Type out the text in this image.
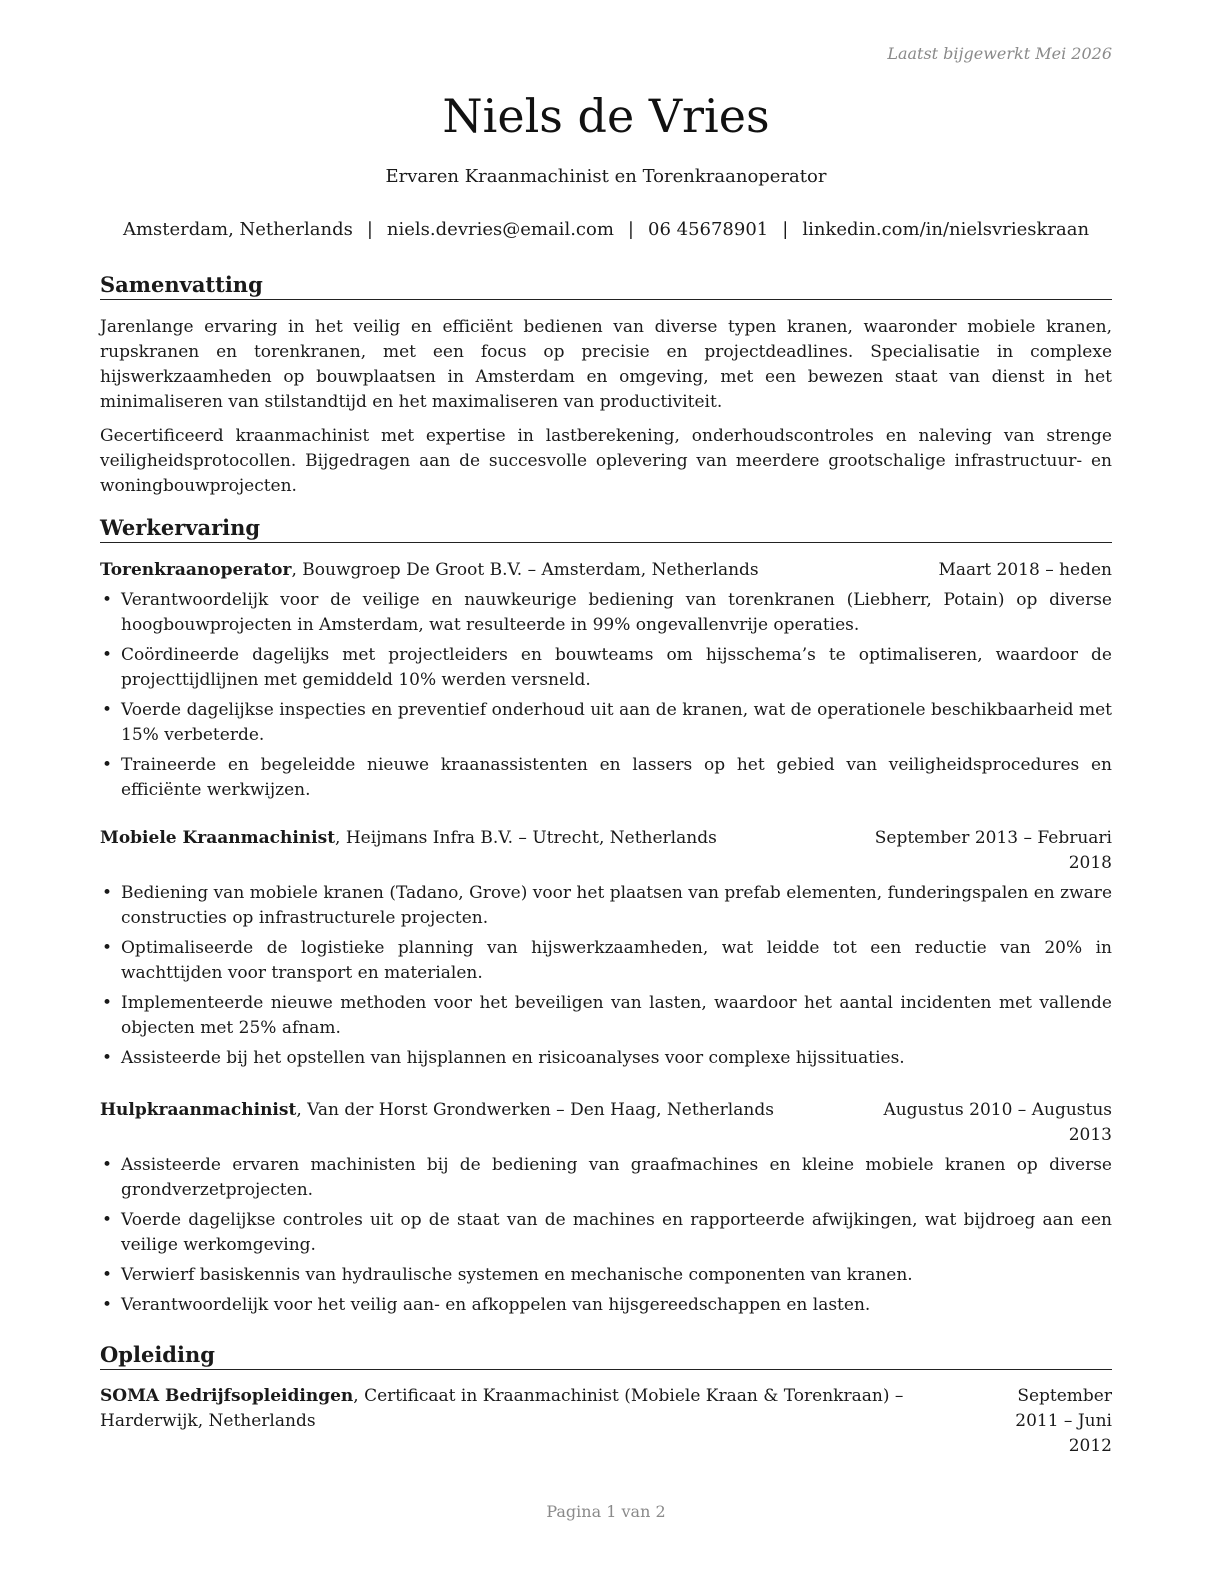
Laatst bijgewerkt Mei 2026
Niels de Vries
Ervaren Kraanmachinist en Torenkraanoperator
Amsterdam, Netherlands | niels.devries@email.com | 06 45678901 | linkedin.com/in/nielsvrieskraan
Samenvatting
Jarenlange ervaring in het veilig en efficiënt bedienen van diverse typen kranen, waaronder mobiele kranen, rupskranen en torenkranen, met een focus op precisie en projectdeadlines. Specialisatie in complexe hijswerkzaamheden op bouwplaatsen in Amsterdam en omgeving, met een bewezen staat van dienst in het minimaliseren van stilstandtijd en het maximaliseren van productiviteit.
Gecertificeerd kraanmachinist met expertise in lastberekening, onderhoudscontroles en naleving van strenge veiligheidsprotocollen. Bijgedragen aan de succesvolle oplevering van meerdere grootschalige infrastructuur- en woningbouwprojecten.
Werkervaring
Torenkraanoperator, Bouwgroep De Groot B.V. – Amsterdam, Netherlands	Maart 2018 – heden
• Verantwoordelijk voor de veilige en nauwkeurige bediening van torenkranen (Liebherr, Potain) op diverse hoogbouwprojecten in Amsterdam, wat resulteerde in 99% ongevallenvrije operaties.
• Coördineerde dagelijks met projectleiders en bouwteams om hijsschema’s te optimaliseren, waardoor de projecttijdlijnen met gemiddeld 10% werden versneld.
• Voerde dagelijkse inspecties en preventief onderhoud uit aan de kranen, wat de operationele beschikbaarheid met 15% verbeterde.
• Traineerde en begeleidde nieuwe kraanassistenten en lassers op het gebied van veiligheidsprocedures en efficiënte werkwijzen.
Mobiele Kraanmachinist, Heijmans Infra B.V. – Utrecht, Netherlands	September 2013 – Februari 2018
• Bediening van mobiele kranen (Tadano, Grove) voor het plaatsen van prefab elementen, funderingspalen en zware constructies op infrastructurele projecten.
• Optimaliseerde de logistieke planning van hijswerkzaamheden, wat leidde tot een reductie van 20% in wachttijden voor transport en materialen.
• Implementeerde nieuwe methoden voor het beveiligen van lasten, waardoor het aantal incidenten met vallende objecten met 25% afnam.
• Assisteerde bij het opstellen van hijsplannen en risicoanalyses voor complexe hijssituaties.
Hulpkraanmachinist, Van der Horst Grondwerken – Den Haag, Netherlands	Augustus 2010 – Augustus 2013
• Assisteerde ervaren machinisten bij de bediening van graafmachines en kleine mobiele kranen op diverse grondverzetprojecten.
• Voerde dagelijkse controles uit op de staat van de machines en rapporteerde afwijkingen, wat bijdroeg aan een veilige werkomgeving.
• Verwierf basiskennis van hydraulische systemen en mechanische componenten van kranen.
• Verantwoordelijk voor het veilig aan- en afkoppelen van hijsgereedschappen en lasten.
Opleiding
SOMA Bedrijfsopleidingen, Certificaat in Kraanmachinist (Mobiele Kraan & Torenkraan) – Harderwijk, Netherlands
September 2011 – Juni 2012
Pagina 1 van 2
